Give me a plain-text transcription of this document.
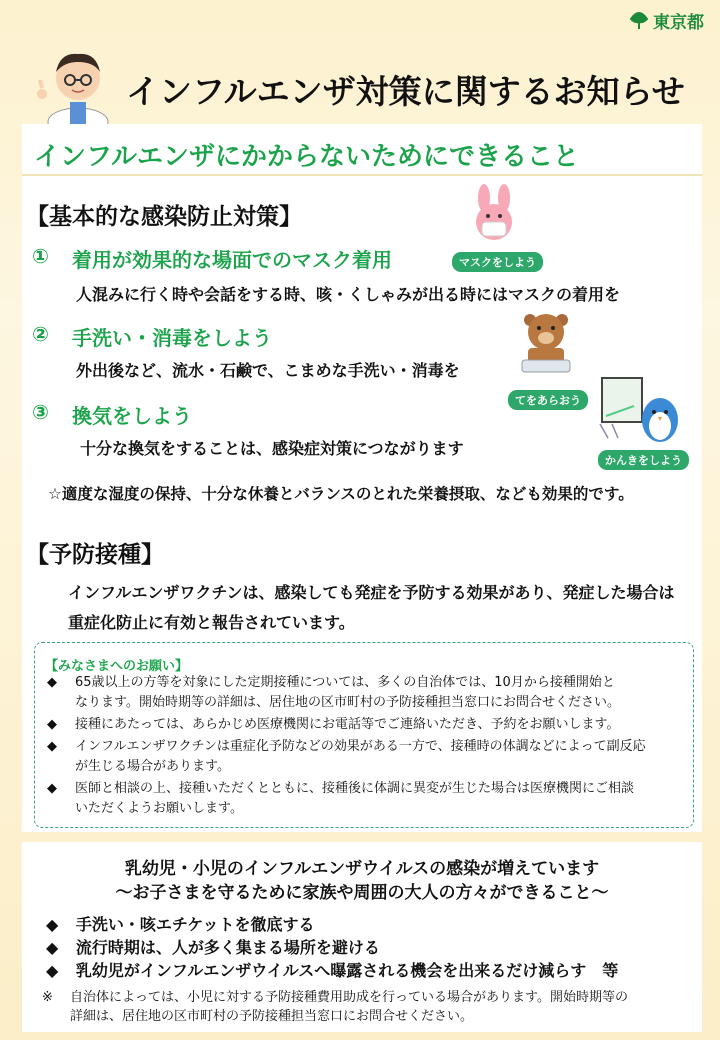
東京都
インフルエンザ対策に関するお知らせ
インフルエンザにかからないためにできること
【基本的な感染防止対策】
① 着用が効果的な場面でのマスク着用
人混みに行く時や会話をする時、咳・くしゃみが出る時にはマスクの着用を
② 手洗い・消毒をしよう
外出後など、流水・石鹸で、こまめな手洗い・消毒を
③ 換気をしよう
十分な換気をすることは、感染症対策につながります
☆適度な湿度の保持、十分な休養とバランスのとれた栄養摂取、なども効果的です。
マスクをしよう
てをあらおう
かんきをしよう
【予防接種】
インフルエンザワクチンは、感染しても発症を予防する効果があり、発症した場合は
重症化防止に有効と報告されています。
【みなさまへのお願い】
◆	65歳以上の方等を対象にした定期接種については、多くの自治体では、10月から接種開始と
なります。開始時期等の詳細は、居住地の区市町村の予防接種担当窓口にお問合せください。
◆	接種にあたっては、あらかじめ医療機関にお電話等でご連絡いただき、予約をお願いします。
◆	インフルエンザワクチンは重症化予防などの効果がある一方で、接種時の体調などによって副反応
が生じる場合があります。
◆	医師と相談の上、接種いただくとともに、接種後に体調に異変が生じた場合は医療機関にご相談
いただくようお願いします。
乳幼児・小児のインフルエンザウイルスの感染が増えています
～お子さまを守るために家族や周囲の大人の方々ができること～
◆ 手洗い・咳エチケットを徹底する
◆ 流行時期は、人が多く集まる場所を避ける
◆ 乳幼児がインフルエンザウイルスへ曝露される機会を出来るだけ減らす　等
※	自治体によっては、小児に対する予防接種費用助成を行っている場合があります。開始時期等の
詳細は、居住地の区市町村の予防接種担当窓口にお問合せください。
